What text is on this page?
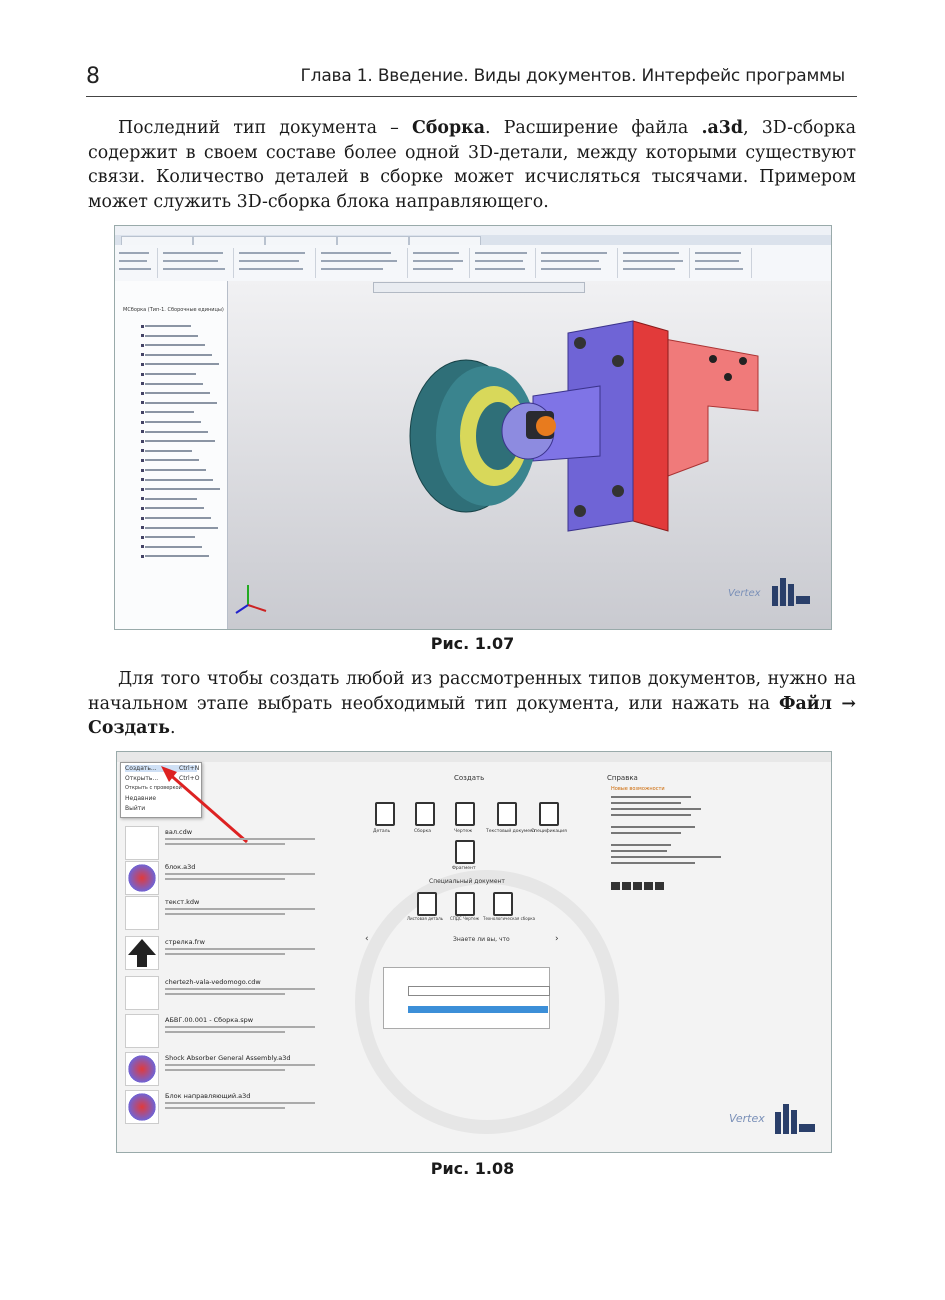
8	Глава 1. Введение. Виды документов. Интерфейс программы
Последний тип документа – Сборка. Расширение файла .a3d, 3D-сборка содержит в своем составе более одной 3D-детали, между которыми существуют связи. Количество деталей в сборке может исчисляться тысячами. Примером может служить 3D-сборка блока направляющего.
МСборка (Тип-1. Сборочные единицы)
Vertex
Рис. 1.07
Для того чтобы создать любой из рассмотренных типов документов, нужно на начальном этапе выбрать необходимый тип документа, или нажать на Файл → Создать.
Создать...	Ctrl+N
Открыть...	Ctrl+O
Открыть с проверкой
Недавние
Выйти
вал.cdw
блок.a3d
текст.kdw
стрелка.frw
chertezh-vala-vedomogo.cdw
АБВГ.00.001 - Сборка.spw
Shock Absorber General Assembly.a3d
Блок направляющий.a3d
Создать
Деталь	Сборка	Чертеж	Текстовый документ
Спецификация
Фрагмент
Специальный документ
Листовая деталь СПДС Чертеж Технологическая сборка
Знаете ли вы, что
‹	›
Справка
Новые возможности
Vertex
Рис. 1.08
